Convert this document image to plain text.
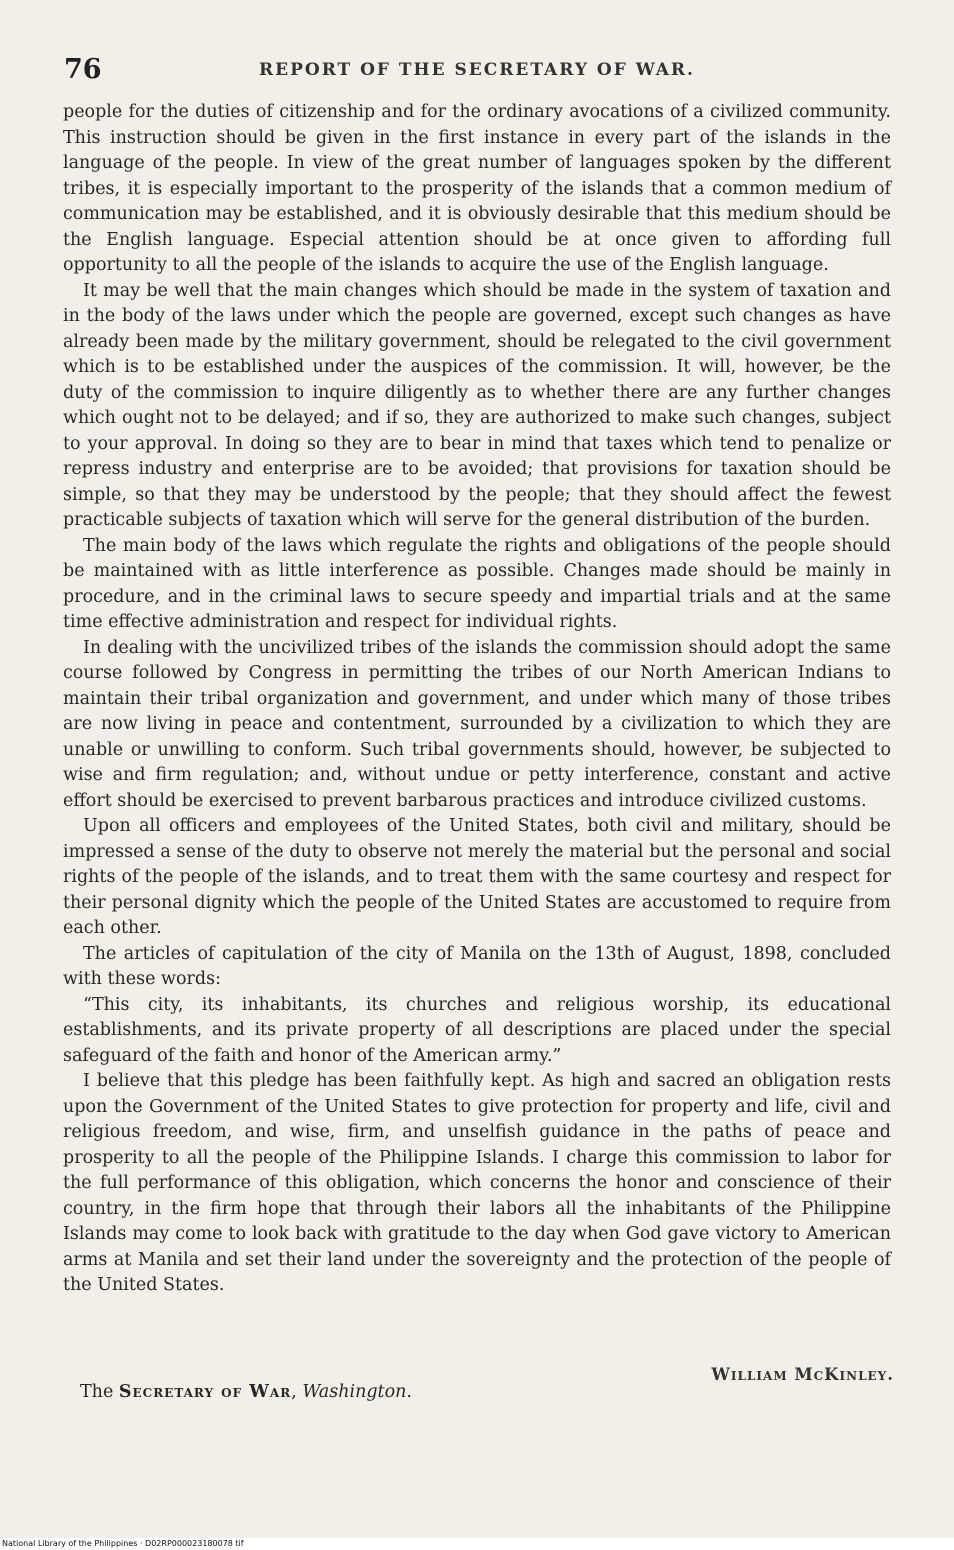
76	REPORT OF THE SECRETARY OF WAR.

people for the duties of citizenship and for the ordinary avocations of a civilized community. This instruction should be given in the first instance in every part of the islands in the language of the people. In view of the great number of languages spoken by the different tribes, it is especially important to the prosperity of the islands that a common medium of communication may be established, and it is obviously desirable that this medium should be the English language. Especial attention should be at once given to affording full opportunity to all the people of the islands to acquire the use of the English language.

It may be well that the main changes which should be made in the system of taxation and in the body of the laws under which the people are governed, except such changes as have already been made by the military government, should be relegated to the civil government which is to be established under the auspices of the commission. It will, however, be the duty of the commission to inquire diligently as to whether there are any further changes which ought not to be delayed; and if so, they are authorized to make such changes, subject to your approval. In doing so they are to bear in mind that taxes which tend to penalize or repress industry and enterprise are to be avoided; that provisions for taxation should be simple, so that they may be understood by the people; that they should affect the fewest practicable subjects of taxation which will serve for the general distribution of the burden.

The main body of the laws which regulate the rights and obligations of the people should be maintained with as little interference as possible. Changes made should be mainly in procedure, and in the criminal laws to secure speedy and impartial trials and at the same time effective administration and respect for individual rights.

In dealing with the uncivilized tribes of the islands the commission should adopt the same course followed by Congress in permitting the tribes of our North American Indians to maintain their tribal organization and government, and under which many of those tribes are now living in peace and contentment, surrounded by a civilization to which they are unable or unwilling to conform. Such tribal governments should, however, be subjected to wise and firm regulation; and, without undue or petty interference, constant and active effort should be exercised to prevent barbarous practices and introduce civilized customs.

Upon all officers and employees of the United States, both civil and military, should be impressed a sense of the duty to observe not merely the material but the personal and social rights of the people of the islands, and to treat them with the same courtesy and respect for their personal dignity which the people of the United States are accustomed to require from each other.

The articles of capitulation of the city of Manila on the 13th of August, 1898, concluded with these words:

“This city, its inhabitants, its churches and religious worship, its educational establishments, and its private property of all descriptions are placed under the special safeguard of the faith and honor of the American army.”

I believe that this pledge has been faithfully kept. As high and sacred an obligation rests upon the Government of the United States to give protection for property and life, civil and religious freedom, and wise, firm, and unselfish guidance in the paths of peace and prosperity to all the people of the Philippine Islands. I charge this commission to labor for the full performance of this obligation, which concerns the honor and conscience of their country, in the firm hope that through their labors all the inhabitants of the Philippine Islands may come to look back with gratitude to the day when God gave victory to American arms at Manila and set their land under the sovereignty and the protection of the people of the United States.

William McKinley.
The Secretary of War, Washington.
National Library of the Philippines · D02RP000023180078 tif
